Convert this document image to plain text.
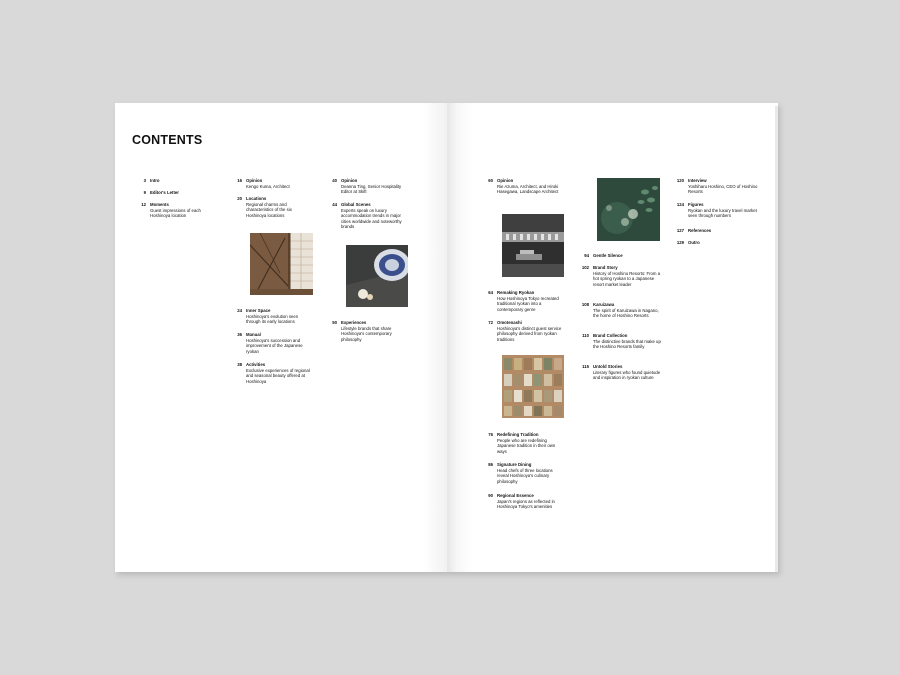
CONTENTS
3 Intro
9 Editor's Letter
12 Moments
Guest impressions of each Hoshinoya location
16 Opinion
Kengo Kuma, Architect
20 Locations
Regional charms and characteristics of the six Hoshinoya locations
24 Inner Space
Hoshinoya's evolution seen through its early locations
36 Manual
Hoshinoya's succession and improvement of the Japanese ryokan
38 Activities
Exclusive experiences of regional and seasonal beauty offered at Hoshinoya
40 Opinion
Deanna Ting, Senior Hospitality Editor at Skift
44 Global Scenes
Experts speak on luxury accommodation trends in major cities worldwide and noteworthy brands
50 Experiences
Lifestyle brands that share Hoshinoya's contemporary philosophy
60 Opinion
Rie Azuma, Architect, and Hiroki Hasegawa, Landscape Architect
64 Remaking Ryokan
How Hoshinoya Tokyo recreated traditional ryokan into a contemporary genre
72 Omotenashi
Hoshinoya's distinct guest service philosophy derived from ryokan traditions
76 Redefining Tradition
People who are redefining Japanese tradition in their own ways
86 Signature Dining
Head chefs of three locations reveal Hoshinoya's culinary philosophy
90 Regional Essence
Japan's regions as reflected in Hoshinoya Tokyo's amenities
94 Gentle Silence
102 Brand Story
History of Hoshino Resorts: From a hot spring ryokan to a Japanese resort market leader
108 Karuizawa
The spirit of Karuizawa in Nagano, the home of Hoshino Resorts
110 Brand Collection
The distinctive brands that make up the Hoshino Resorts family
115 Untold Stories
Literary figures who found quietude and inspiration in ryokan culture
120 Interview
Yoshiharu Hoshino, CEO of Hoshino Resorts
124 Figures
Ryokan and the luxury travel market seen through numbers
127 References
129 Outro
